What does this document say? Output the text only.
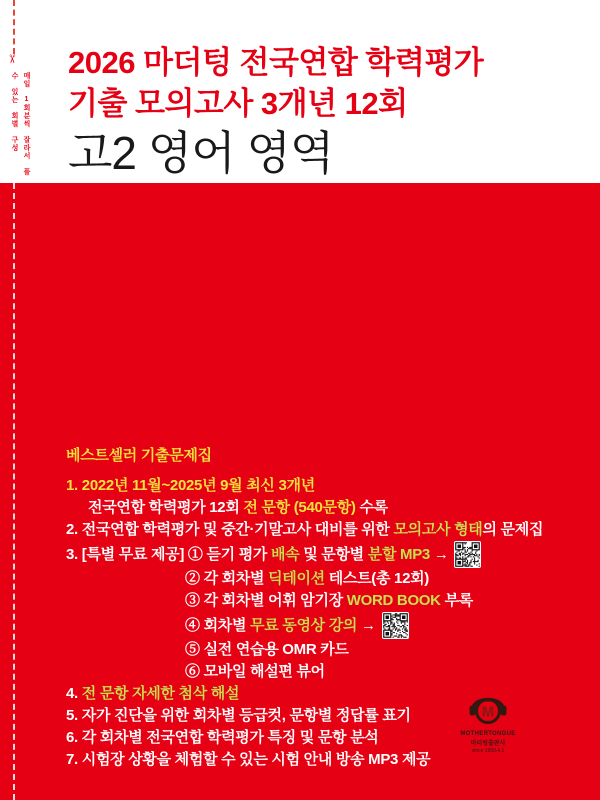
✂
매일 1회분씩 잘라서 풀 수 있는 회별 구성
2026 마더텅 전국연합 학력평가
기출 모의고사 3개년 12회
고2 영어 영역
베스트셀러 기출문제집
1. 2022년 11월~2025년 9월 최신 3개년
전국연합 학력평가 12회 전 문항 (540문항) 수록
2. 전국연합 학력평가 및 중간·기말고사 대비를 위한 모의고사 형태의 문제집
3. [특별 무료 제공] ① 듣기 평가 배속 및 문항별 분할 MP3 →
② 각 회차별 딕테이션 테스트(총 12회)
③ 각 회차별 어휘 암기장 WORD BOOK 부록
④ 회차별 무료 동영상 강의 →
⑤ 실전 연습용 OMR 카드
⑥ 모바일 해설편 뷰어
4. 전 문항 자세한 첨삭 해설
5. 자가 진단을 위한 회차별 등급컷, 문항별 정답률 표기
6. 각 회차별 전국연합 학력평가 특징 및 문항 분석
7. 시험장 상황을 체험할 수 있는 시험 안내 방송 MP3 제공
M
MOTHERTONGUE
마더텅출판사
since 1999.4.1
